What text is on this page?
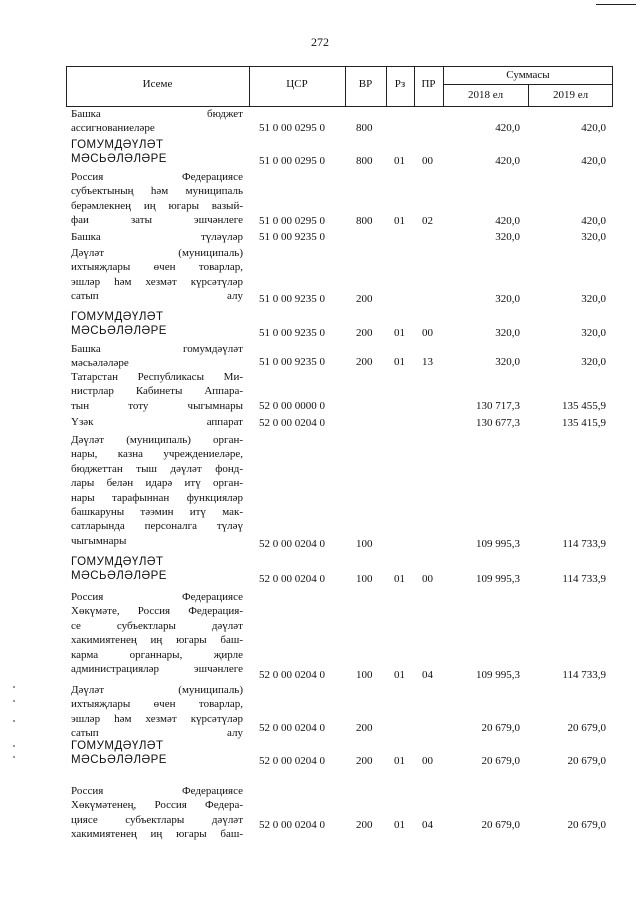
272
Исеме	ЦСР	ВР	Рз	ПР
Суммасы
2018 ел	2019 ел
Башка бюджет
ассигнованиеләре	51 0 00 0295 0	800	420,0	420,0
ГОМУМДӘҮЛӘТ
МӘСЬӘЛӘЛӘРЕ	51 0 00 0295 0	800 01 00	420,0	420,0
Россия Федерациясе
субъектының һәм муниципаль
берәмлекнең иң югары вазый-
фаи заты эшчәнлеге 51 0 00 0295 0	800 01 02	420,0	420,0
Башка түләүләр 51 0 00 9235 0	320,0	320,0
Дәүләт (муниципаль)
ихтыяҗлары өчен товарлар,
эшләр һәм хезмәт күрсәтүләр
сатып алу 51 0 00 9235 0	200	320,0	320,0
ГОМУМДӘҮЛӘТ
МӘСЬӘЛӘЛӘРЕ	51 0 00 9235 0	200 01 00	320,0	320,0
Башка гомумдәүләт
мәсьәләләре	51 0 00 9235 0	200 01 13	320,0	320,0
Татарстан Республикасы Ми-
нистрлар Кабинеты Аппара-
тын тоту чыгымнары 52 0 00 0000 0	130 717,3	135 455,9
Үзәк аппарат 52 0 00 0204 0	130 677,3	135 415,9
Дәүләт (муниципаль) орган-
нары, казна учреждениеләре,
бюджеттан тыш дәүләт фонд-
лары белән идарә итү орган-
нары тарафыннан функцияләр
башкаруны тәэмин итү мак-
сатларында персоналга түләү
чыгымнары	52 0 00 0204 0	100	109 995,3	114 733,9
ГОМУМДӘҮЛӘТ
МӘСЬӘЛӘЛӘРЕ	52 0 00 0204 0	100 01 00	109 995,3	114 733,9
Россия Федерациясе
Хөкүмәте, Россия Федерация-
се субъектлары дәүләт
хакимиятенең иң югары баш-
карма органнары, җирле
администрацияләр эшчәнлеге 52 0 00 0204 0	100 01 04	109 995,3	114 733,9
Дәүләт (муниципаль)
ихтыяҗлары өчен товарлар,
эшләр һәм хезмәт күрсәтүләр
сатып алу 52 0 00 0204 0	200	20 679,0	20 679,0
ГОМУМДӘҮЛӘТ
МӘСЬӘЛӘЛӘРЕ	52 0 00 0204 0	200 01 00	20 679,0	20 679,0
Россия Федерациясе
Хөкүмәтенең, Россия Федера-
циясе субъектлары дәүләт
хакимиятенең иң югары баш-
52 0 00 0204 0	200 01 04	20 679,0	20 679,0
